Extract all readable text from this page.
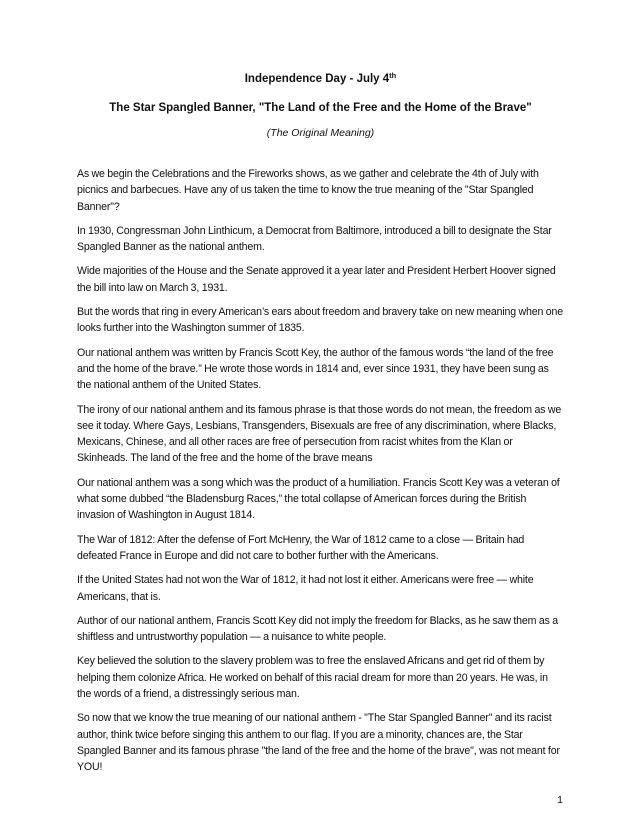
Independence Day - July 4th

The Star Spangled Banner, "The Land of the Free and the Home of the Brave"

(The Original Meaning)

As we begin the Celebrations and the Fireworks shows, as we gather and celebrate the 4th of July with picnics and barbecues. Have any of us taken the time to know the true meaning of the "Star Spangled Banner"?

In 1930, Congressman John Linthicum, a Democrat from Baltimore, introduced a bill to designate the Star Spangled Banner as the national anthem.

Wide majorities of the House and the Senate approved it a year later and President Herbert Hoover signed the bill into law on March 3, 1931.

But the words that ring in every American’s ears about freedom and bravery take on new meaning when one looks further into the Washington summer of 1835.

Our national anthem was written by Francis Scott Key, the author of the famous words “the land of the free and the home of the brave.” He wrote those words in 1814 and, ever since 1931, they have been sung as the national anthem of the United States.

The irony of our national anthem and its famous phrase is that those words do not mean, the freedom as we see it today. Where Gays, Lesbians, Transgenders, Bisexuals are free of any discrimination, where Blacks, Mexicans, Chinese, and all other races are free of persecution from racist whites from the Klan or Skinheads. The land of the free and the home of the brave means

Our national anthem was a song which was the product of a humiliation. Francis Scott Key was a veteran of what some dubbed “the Bladensburg Races,” the total collapse of American forces during the British invasion of Washington in August 1814.

The War of 1812: After the defense of Fort McHenry, the War of 1812 came to a close — Britain had defeated France in Europe and did not care to bother further with the Americans.

If the United States had not won the War of 1812, it had not lost it either. Americans were free — white Americans, that is.

Author of our national anthem, Francis Scott Key did not imply the freedom for Blacks, as he saw them as a shiftless and untrustworthy population — a nuisance to white people.

Key believed the solution to the slavery problem was to free the enslaved Africans and get rid of them by helping them colonize Africa. He worked on behalf of this racial dream for more than 20 years. He was, in the words of a friend, a distressingly serious man.

So now that we know the true meaning of our national anthem - "The Star Spangled Banner" and its racist author, think twice before singing this anthem to our flag. If you are a minority, chances are, the Star Spangled Banner and its famous phrase "the land of the free and the home of the brave", was not meant for YOU!

1
